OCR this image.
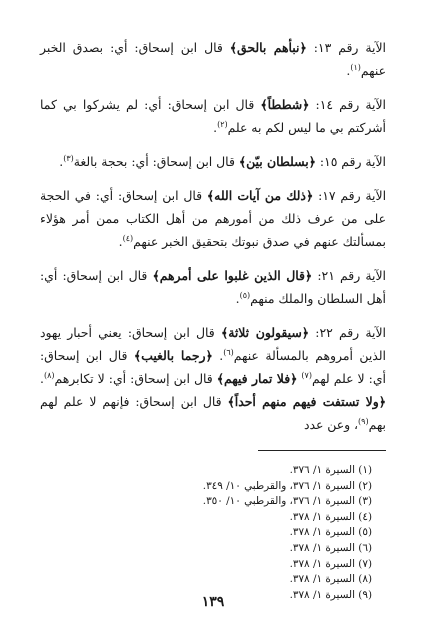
الآية رقم ١٣: ﴿نبأهم بالحق﴾ قال ابن إسحاق: أي: بصدق الخبر عنهم$^{(١)}$.

الآية رقم ١٤: ﴿شططاً﴾ قال ابن إسحاق: أي: لم يشركوا بي كما أشركتم بي ما ليس لكم به علم$^{(٢)}$.

الآية رقم ١٥: ﴿بسلطان بيّن﴾ قال ابن إسحاق: أي: بحجة بالغة$^{(٣)}$.

الآية رقم ١٧: ﴿ذلك من آيات الله﴾ قال ابن إسحاق: أي: في الحجة على من عرف ذلك من أمورهم من أهل الكتاب ممن أمر هؤلاء بمسألتك عنهم في صدق نبوتك بتحقيق الخبر عنهم$^{(٤)}$.

الآية رقم ٢١: ﴿قال الذين غلبوا على أمرهم﴾ قال ابن إسحاق: أي: أهل السلطان والملك منهم$^{(٥)}$.

الآية رقم ٢٢: ﴿سيقولون ثلاثة﴾ قال ابن إسحاق: يعني أحبار يهود الذين أمروهم بالمسألة عنهم$^{(٦)}$. ﴿رجما بالغيب﴾ قال ابن إسحاق: أي: لا علم لهم$^{(٧)}$ ﴿فلا تمار فيهم﴾ قال ابن إسحاق: أي: لا تكابرهم$^{(٨)}$. ﴿ولا تستفت فيهم منهم أحداً﴾ قال ابن إسحاق: فإنهم لا علم لهم بهم$^{(٩)}$، وعن عدد

(١) السيرة ١/ ٣٧٦.
(٢) السيرة ١/ ٣٧٦، والقرطبي ١٠/ ٣٤٩.
(٣) السيرة ١/ ٣٧٦، والقرطبي ١٠/ ٣٥٠.
(٤) السيرة ١/ ٣٧٨.
(٥) السيرة ١/ ٣٧٨.
(٦) السيرة ١/ ٣٧٨.
(٧) السيرة ١/ ٣٧٨.
(٨) السيرة ١/ ٣٧٨.
(٩) السيرة ١/ ٣٧٨.
١٣٩
